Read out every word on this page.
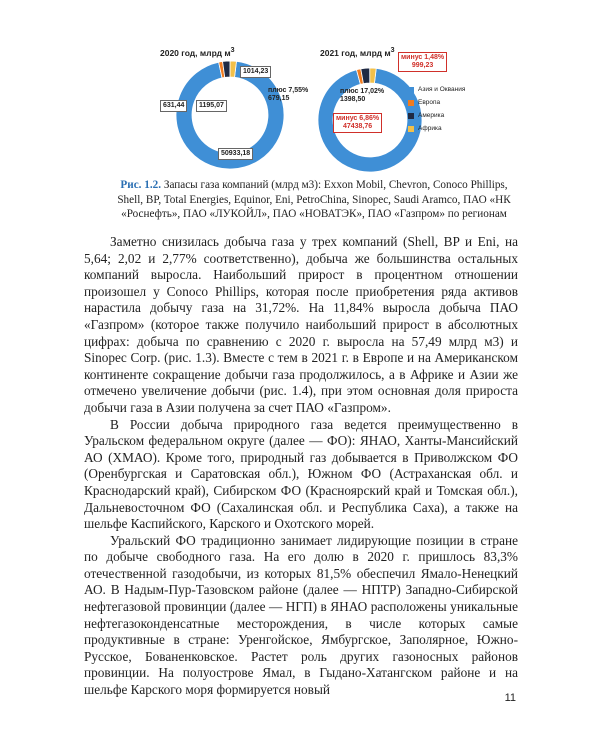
2020 год, млрд $м^3$
1014,23
631,44	1195,07
50933,18
2021 год, млрд $м^3$
минус 1,48%
999,23
плюс 7,55%
679,15
плюс 17,02%
1398,50
минус 6,86%
47438,76
Азия и Оквания
Европа
Америка
Африка
Рис. 1.2. Запасы газа компаний (млрд м3): Exxon Mobil, Chevron, Conoco Phillips, Shell, BP, Total Energies, Equinor, Eni, PetroChina, Sinopec, Saudi Aramco, ПАО «НК «Роснефть», ПАО «ЛУКОЙЛ», ПАО «НОВАТЭК», ПАО «Газпром» по регионам

Заметно снизилась добыча газа у трех компаний (Shell, BP и Eni, на 5,64; 2,02 и 2,77% соответственно), добыча же большинства остальных компаний выросла. Наибольший прирост в процентном отношении произошел у Conoco Phillips, которая после приобретения ряда активов нарастила добычу газа на 31,72%. На 11,84% выросла добыча ПАО «Газпром» (которое также получило наибольший прирост в абсолютных цифрах: добыча по сравнению с 2020 г. выросла на 57,49 млрд м3) и Sinopec Corp. (рис. 1.3). Вместе с тем в 2021 г. в Европе и на Американском континенте сокращение добычи газа продолжилось, а в Африке и Азии же отмечено увеличение добычи (рис. 1.4), при этом основная доля прироста добычи газа в Азии получена за счет ПАО «Газпром».

В России добыча природного газа ведется преимущественно в Уральском федеральном округе (далее — ФО): ЯНАО, Ханты-Мансийский АО (ХМАО). Кроме того, природный газ добывается в Приволжском ФО (Оренбургская и Саратовская обл.), Южном ФО (Астраханская обл. и Краснодарский край), Сибирском ФО (Красноярский край и Томская обл.), Дальневосточном ФО (Сахалинская обл. и Республика Саха), а также на шельфе Каспийского, Карского и Охотского морей.

Уральский ФО традиционно занимает лидирующие позиции в стране по добыче свободного газа. На его долю в 2020 г. пришлось 83,3% отечественной газодобычи, из которых 81,5% обеспечил Ямало-Ненецкий АО. В Надым-Пур-Тазовском районе (далее — НПТР) Западно-Сибирской нефтегазовой провинции (далее — НГП) в ЯНАО расположены уникальные нефтегазоконденсатные месторождения, в числе которых самые продуктивные в стране: Уренгойское, Ямбургское, Заполярное, Южно-Русское, Бованенковское. Растет роль других газоносных районов провинции. На полуострове Ямал, в Гыдано-Хатангском районе и на шельфе Карского моря формируется новый

11
